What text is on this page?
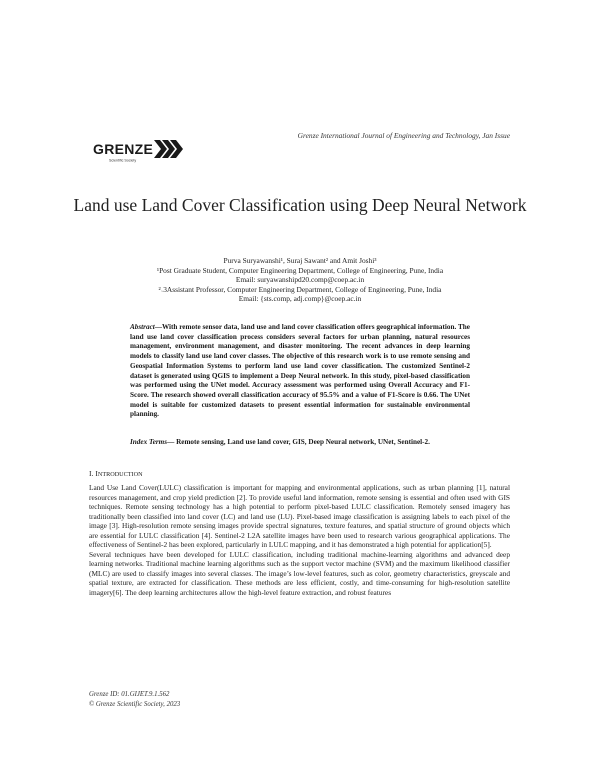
Grenze International Journal of Engineering and Technology, Jan Issue
GRENZE
Scientific Society
Land use Land Cover Classification using Deep Neural Network
Purva Suryawanshi¹, Suraj Sawant² and Amit Joshi³
¹Post Graduate Student, Computer Engineering Department, College of Engineering, Pune, India
Email: suryawanshipd20.comp@coep.ac.in
²˒3Assistant Professor, Computer Engineering Department, College of Engineering, Pune, India
Email: {sts.comp, adj.comp}@coep.ac.in
Abstract—With remote sensor data, land use and land cover classification offers geographical information. The land use land cover classification process considers several factors for urban planning, natural resources management, environment management, and disaster monitoring. The recent advances in deep learning models to classify land use land cover classes. The objective of this research work is to use remote sensing and Geospatial Information Systems to perform land use land cover classification. The customized Sentinel-2 dataset is generated using QGIS to implement a Deep Neural network. In this study, pixel-based classification was performed using the UNet model. Accuracy assessment was performed using Overall Accuracy and F1-Score. The research showed overall classification accuracy of 95.5% and a value of F1-Score is 0.66. The UNet model is suitable for customized datasets to present essential information for sustainable environmental planning.
Index Terms— Remote sensing, Land use land cover, GIS, Deep Neural network, UNet, Sentinel-2.
I. INTRODUCTION

Land Use Land Cover(LULC) classification is important for mapping and environmental applications, such as urban planning [1], natural resources management, and crop yield prediction [2]. To provide useful land information, remote sensing is essential and often used with GIS techniques. Remote sensing technology has a high potential to perform pixel-based LULC classification. Remotely sensed imagery has traditionally been classified into land cover (LC) and land use (LU). Pixel-based image classification is assigning labels to each pixel of the image [3]. High-resolution remote sensing images provide spectral signatures, texture features, and spatial structure of ground objects which are essential for LULC classification [4]. Sentinel-2 L2A satellite images have been used to research various geographical applications. The effectiveness of Sentinel-2 has been explored, particularly in LULC mapping, and it has demonstrated a high potential for application[5].

Several techniques have been developed for LULC classification, including traditional machine-learning algorithms and advanced deep learning networks. Traditional machine learning algorithms such as the support vector machine (SVM) and the maximum likelihood classifier (MLC) are used to classify images into several classes. The image’s low-level features, such as color, geometry characteristics, greyscale and spatial texture, are extracted for classification. These methods are less efficient, costly, and time-consuming for high-resolution satellite imagery[6]. The deep learning architectures allow the high-level feature extraction, and robust features

Grenze ID: 01.GIJET.9.1.562
© Grenze Scientific Society, 2023
